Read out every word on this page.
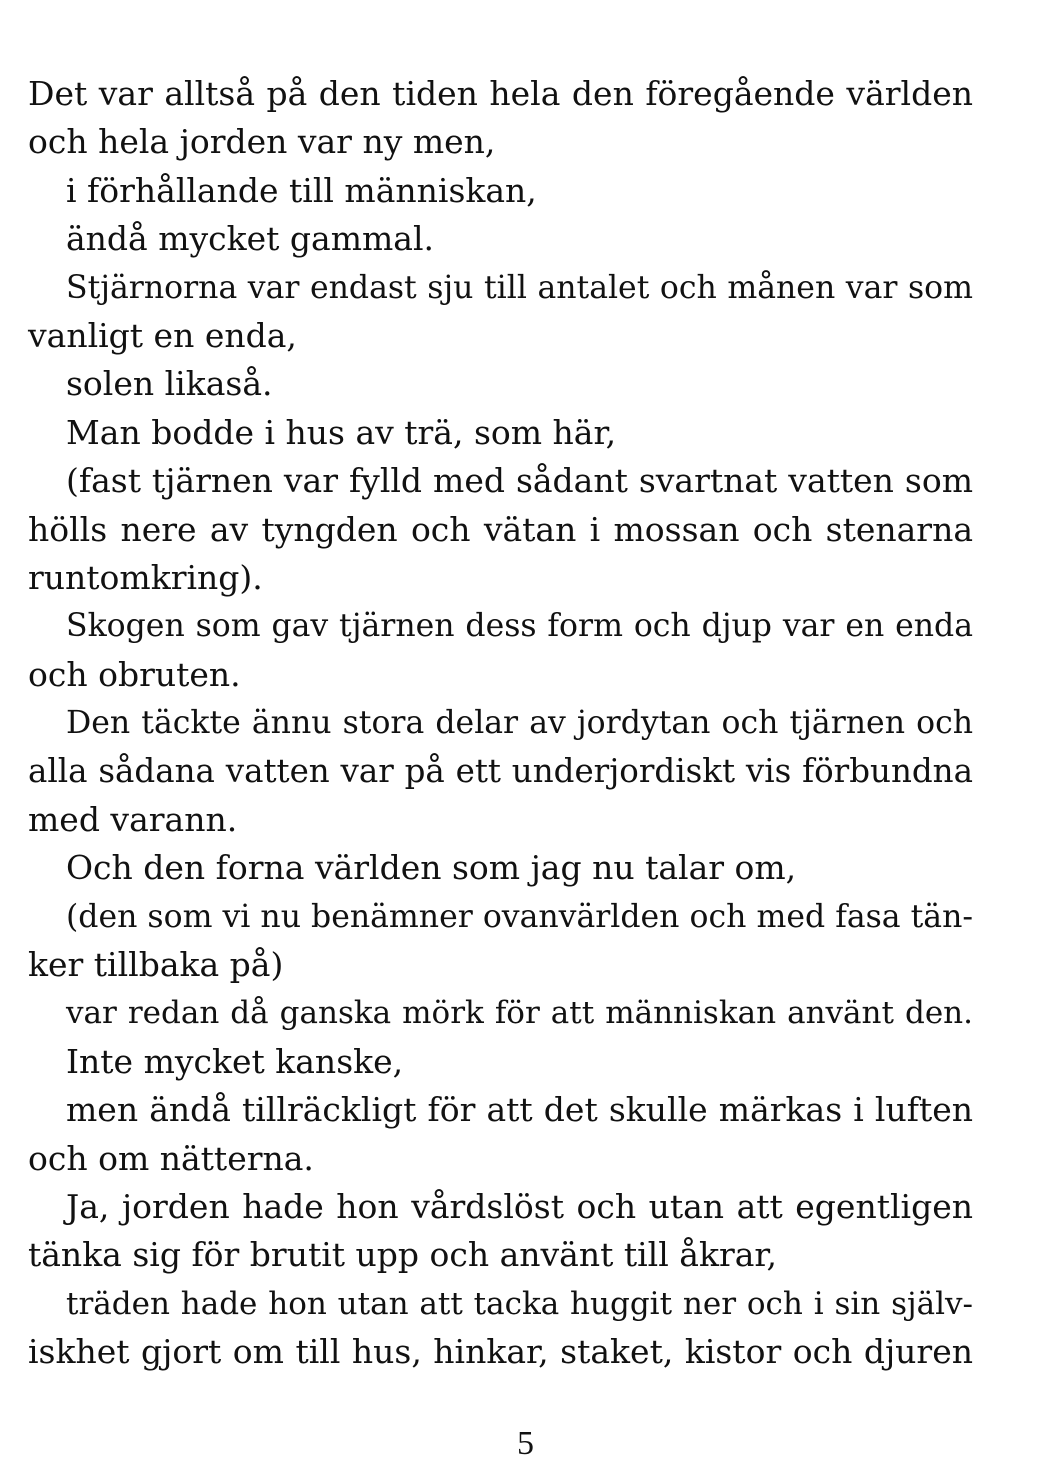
Det var alltså på den tiden hela den föregående världen
och hela jorden var ny men,
i förhållande till människan,
ändå mycket gammal.
Stjärnorna var endast sju till antalet och månen var som
vanligt en enda,
solen likaså.
Man bodde i hus av trä, som här,
(fast tjärnen var fylld med sådant svartnat vatten som
hölls nere av tyngden och vätan i mossan och stenarna
runtomkring).
Skogen som gav tjärnen dess form och djup var en enda
och obruten.
Den täckte ännu stora delar av jordytan och tjärnen och
alla sådana vatten var på ett underjordiskt vis förbundna
med varann.
Och den forna världen som jag nu talar om,
(den som vi nu benämner ovanvärlden och med fasa tän-
ker tillbaka på)
var redan då ganska mörk för att människan använt den.
Inte mycket kanske,
men ändå tillräckligt för att det skulle märkas i luften
och om nätterna.
Ja, jorden hade hon vårdslöst och utan att egentligen
tänka sig för brutit upp och använt till åkrar,
träden hade hon utan att tacka huggit ner och i sin själv-
iskhet gjort om till hus, hinkar, staket, kistor och djuren
5
